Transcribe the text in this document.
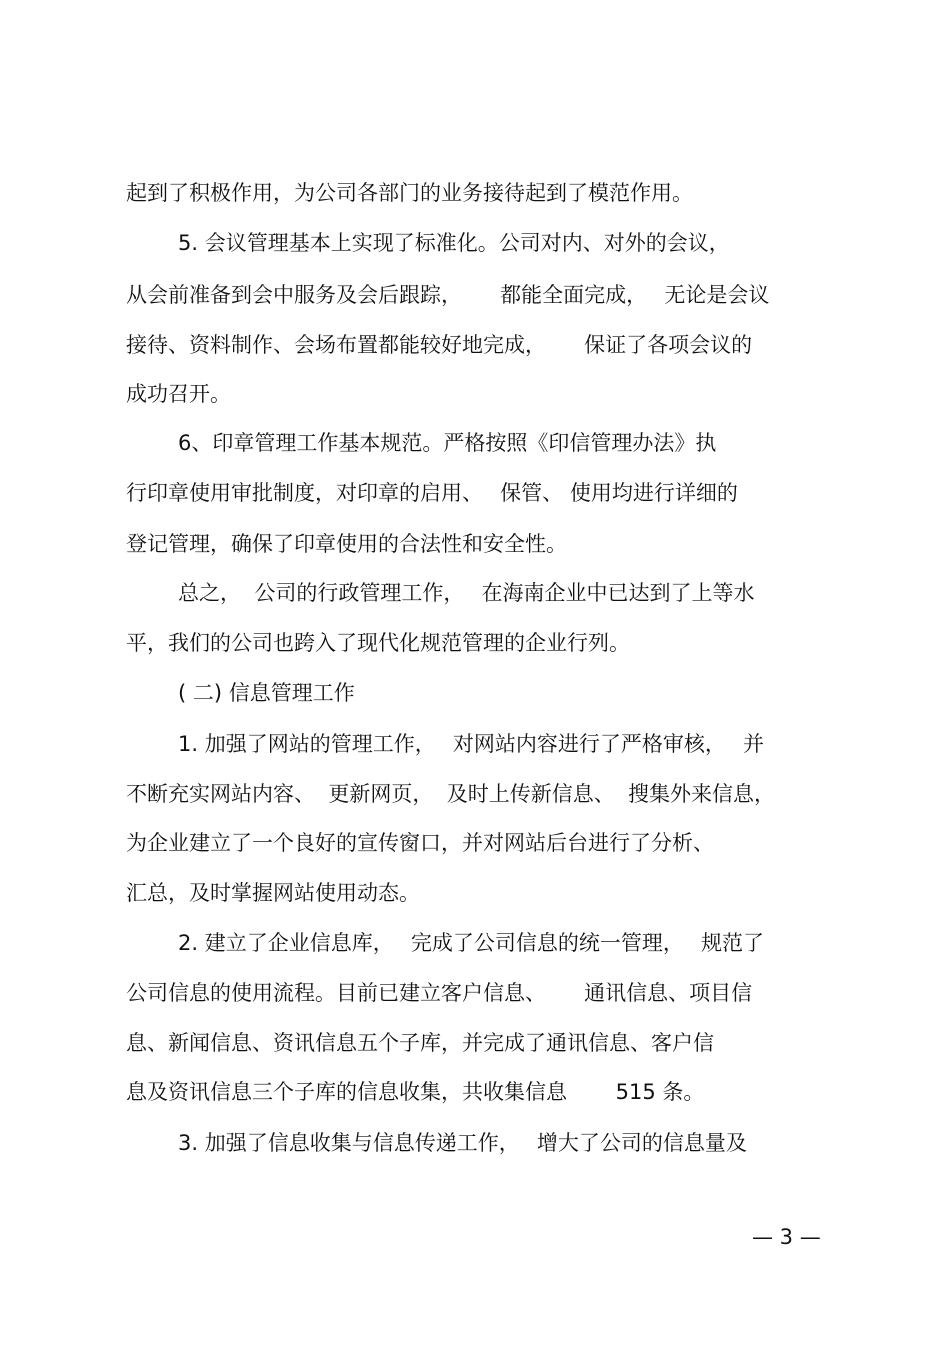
起到了积极作用，为公司各部门的业务接待起到了模范作用。
5. 会议管理基本上实现了标准化。公司对内、对外的会议，
从会前准备到会中服务及会后跟踪，　　 都能全面完成，　 无论是会议
接待、资料制作、会场布置都能较好地完成，　　 保证了各项会议的
成功召开。
6、印章管理工作基本规范。严格按照《印信管理办法》执
行印章使用审批制度，对印章的启用、　 保管、 使用均进行详细的
登记管理，确保了印章使用的合法性和安全性。
总之，  公司的行政管理工作，　 在海南企业中已达到了上等水
平，我们的公司也跨入了现代化规范管理的企业行列。
( 二) 信息管理工作
1. 加强了网站的管理工作，　 对网站内容进行了严格审核，　 并
不断充实网站内容、  更新网页，  及时上传新信息、  搜集外来信息，
为企业建立了一个良好的宣传窗口，并对网站后台进行了分析、
汇总，及时掌握网站使用动态。
2. 建立了企业信息库，　 完成了公司信息的统一管理，　 规范了
公司信息的使用流程。目前已建立客户信息、　　 通讯信息、项目信
息、新闻信息、资讯信息五个子库，并完成了通讯信息、客户信
息及资讯信息三个子库的信息收集，共收集信息　　 515 条。
3. 加强了信息收集与信息传递工作，　 增大了公司的信息量及
— 3 —
